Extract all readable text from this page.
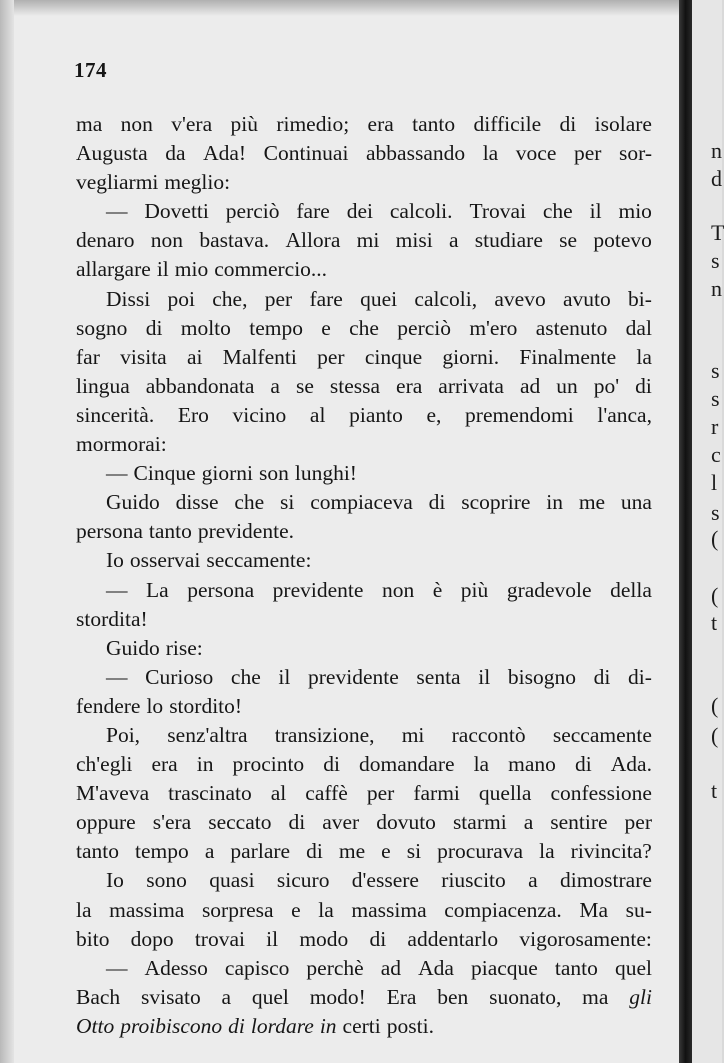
174
ma non v'era più rimedio; era tanto difficile di isolare
Augusta da Ada! Continuai abbassando la voce per sor-
vegliarmi meglio:
— Dovetti perciò fare dei calcoli. Trovai che il mio
denaro non bastava. Allora mi misi a studiare se potevo
allargare il mio commercio...
Dissi poi che, per fare quei calcoli, avevo avuto bi-
sogno di molto tempo e che perciò m'ero astenuto dal
far visita ai Malfenti per cinque giorni. Finalmente la
lingua abbandonata a se stessa era arrivata ad un po' di
sincerità. Ero vicino al pianto e, premendomi l'anca,
mormorai:
— Cinque giorni son lunghi!
Guido disse che si compiaceva di scoprire in me una
persona tanto previdente.
Io osservai seccamente:
— La persona previdente non è più gradevole della
stordita!
Guido rise:
— Curioso che il previdente senta il bisogno di di-
fendere lo stordito!
Poi, senz'altra transizione, mi raccontò seccamente
ch'egli era in procinto di domandare la mano di Ada.
M'aveva trascinato al caffè per farmi quella confessione
oppure s'era seccato di aver dovuto starmi a sentire per
tanto tempo a parlare di me e si procurava la rivincita?
Io sono quasi sicuro d'essere riuscito a dimostrare
la massima sorpresa e la massima compiacenza. Ma su-
bito dopo trovai il modo di addentarlo vigorosamente:
— Adesso capisco perchè ad Ada piacque tanto quel
Bach svisato a quel modo! Era ben suonato, ma gli
Otto proibiscono di lordare in certi posti.
n
d
T
s
n
s
s
r
c
l
s
(
(
t
(
(
t
